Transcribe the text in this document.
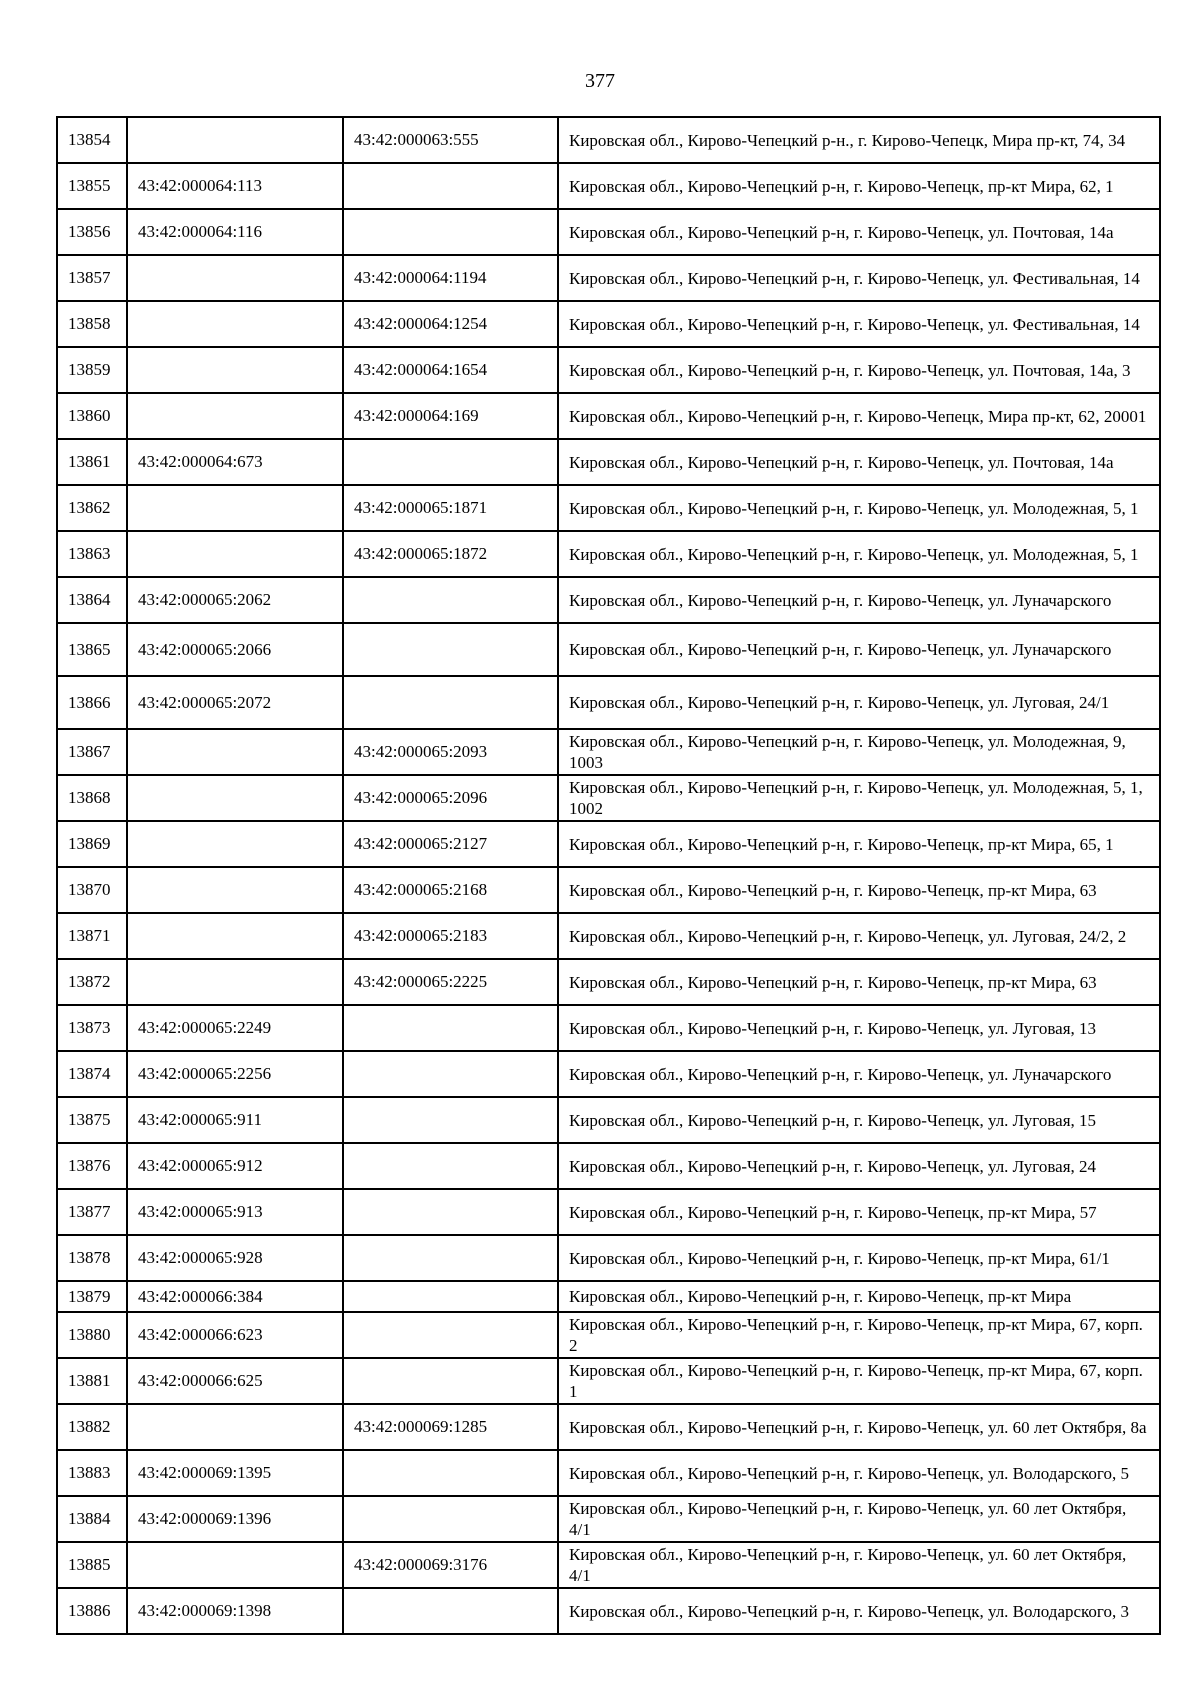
377
13854		43:42:000063:555	Кировская обл., Кирово-Чепецкий р-н., г. Кирово-Чепецк, Мира пр-кт, 74, 34
13855	43:42:000064:113		Кировская обл., Кирово-Чепецкий р-н, г. Кирово-Чепецк, пр-кт Мира, 62, 1
13856	43:42:000064:116		Кировская обл., Кирово-Чепецкий р-н, г. Кирово-Чепецк, ул. Почтовая, 14а
13857		43:42:000064:1194	Кировская обл., Кирово-Чепецкий р-н, г. Кирово-Чепецк, ул. Фестивальная, 14
13858		43:42:000064:1254	Кировская обл., Кирово-Чепецкий р-н, г. Кирово-Чепецк, ул. Фестивальная, 14
13859		43:42:000064:1654	Кировская обл., Кирово-Чепецкий р-н, г. Кирово-Чепецк, ул. Почтовая, 14а, 3
13860		43:42:000064:169	Кировская обл., Кирово-Чепецкий р-н, г. Кирово-Чепецк, Мира пр-кт, 62, 20001
13861	43:42:000064:673		Кировская обл., Кирово-Чепецкий р-н, г. Кирово-Чепецк, ул. Почтовая, 14а
13862		43:42:000065:1871	Кировская обл., Кирово-Чепецкий р-н, г. Кирово-Чепецк, ул. Молодежная, 5, 1
13863		43:42:000065:1872	Кировская обл., Кирово-Чепецкий р-н, г. Кирово-Чепецк, ул. Молодежная, 5, 1
13864	43:42:000065:2062		Кировская обл., Кирово-Чепецкий р-н, г. Кирово-Чепецк, ул. Луначарского
13865	43:42:000065:2066		Кировская обл., Кирово-Чепецкий р-н, г. Кирово-Чепецк, ул. Луначарского
13866	43:42:000065:2072		Кировская обл., Кирово-Чепецкий р-н, г. Кирово-Чепецк, ул. Луговая, 24/1
13867		43:42:000065:2093	Кировская обл., Кирово-Чепецкий р-н, г. Кирово-Чепецк, ул. Молодежная, 9, 1003
13868		43:42:000065:2096	Кировская обл., Кирово-Чепецкий р-н, г. Кирово-Чепецк, ул. Молодежная, 5, 1, 1002
13869		43:42:000065:2127	Кировская обл., Кирово-Чепецкий р-н, г. Кирово-Чепецк, пр-кт Мира, 65, 1
13870		43:42:000065:2168	Кировская обл., Кирово-Чепецкий р-н, г. Кирово-Чепецк, пр-кт Мира, 63
13871		43:42:000065:2183	Кировская обл., Кирово-Чепецкий р-н, г. Кирово-Чепецк, ул. Луговая, 24/2, 2
13872		43:42:000065:2225	Кировская обл., Кирово-Чепецкий р-н, г. Кирово-Чепецк, пр-кт Мира, 63
13873	43:42:000065:2249		Кировская обл., Кирово-Чепецкий р-н, г. Кирово-Чепецк, ул. Луговая, 13
13874	43:42:000065:2256		Кировская обл., Кирово-Чепецкий р-н, г. Кирово-Чепецк, ул. Луначарского
13875	43:42:000065:911		Кировская обл., Кирово-Чепецкий р-н, г. Кирово-Чепецк, ул. Луговая, 15
13876	43:42:000065:912		Кировская обл., Кирово-Чепецкий р-н, г. Кирово-Чепецк, ул. Луговая, 24
13877	43:42:000065:913		Кировская обл., Кирово-Чепецкий р-н, г. Кирово-Чепецк, пр-кт Мира, 57
13878	43:42:000065:928		Кировская обл., Кирово-Чепецкий р-н, г. Кирово-Чепецк, пр-кт Мира, 61/1
13879	43:42:000066:384		Кировская обл., Кирово-Чепецкий р-н, г. Кирово-Чепецк, пр-кт Мира
13880	43:42:000066:623		Кировская обл., Кирово-Чепецкий р-н, г. Кирово-Чепецк, пр-кт Мира, 67, корп. 2
13881	43:42:000066:625		Кировская обл., Кирово-Чепецкий р-н, г. Кирово-Чепецк, пр-кт Мира, 67, корп. 1
13882		43:42:000069:1285	Кировская обл., Кирово-Чепецкий р-н, г. Кирово-Чепецк, ул. 60 лет Октября, 8а
13883	43:42:000069:1395		Кировская обл., Кирово-Чепецкий р-н, г. Кирово-Чепецк, ул. Володарского, 5
13884	43:42:000069:1396		Кировская обл., Кирово-Чепецкий р-н, г. Кирово-Чепецк, ул. 60 лет Октября, 4/1
13885		43:42:000069:3176	Кировская обл., Кирово-Чепецкий р-н, г. Кирово-Чепецк, ул. 60 лет Октября, 4/1
13886	43:42:000069:1398		Кировская обл., Кирово-Чепецкий р-н, г. Кирово-Чепецк, ул. Володарского, 3
